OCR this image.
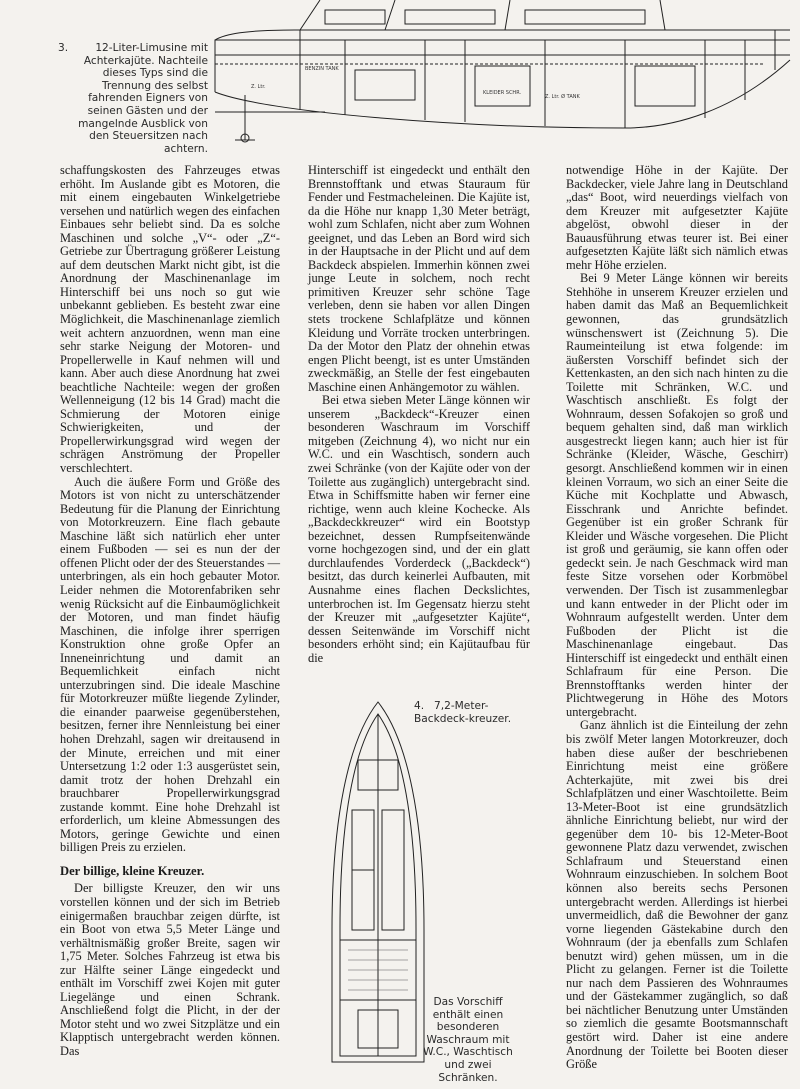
Z. Ltr.
BENZIN TANK
KLEIDER SCHR.
Z. Ltr. Ø TANK
3.	12-Liter-Limusine mit Achterkajüte. Nachteile dieses Typs sind die Trennung des selbst fahrenden Eigners von seinen Gästen und der mangelnde Ausblick von den Steuersitzen nach achtern.

schaffungskosten des Fahrzeuges etwas erhöht. Im Auslande gibt es Motoren, die mit einem eingebauten Winkelgetriebe versehen und natürlich wegen des einfachen Einbaues sehr beliebt sind. Da es solche Maschinen und solche „V“- oder „Z“-Getriebe zur Übertragung größerer Leistung auf dem deutschen Markt nicht gibt, ist die Anordnung der Maschinenanlage im Hinterschiff bei uns noch so gut wie unbekannt geblieben. Es besteht zwar eine Möglichkeit, die Maschinenanlage ziemlich weit achtern anzuordnen, wenn man eine sehr starke Neigung der Motoren- und Propellerwelle in Kauf nehmen will und kann. Aber auch diese Anordnung hat zwei beachtliche Nachteile: wegen der großen Wellenneigung (12 bis 14 Grad) macht die Schmierung der Motoren einige Schwierigkeiten, und der Propellerwirkungsgrad wird wegen der schrägen Anströmung der Propeller verschlechtert.

Auch die äußere Form und Größe des Motors ist von nicht zu unterschätzender Bedeutung für die Planung der Einrichtung von Motorkreuzern. Eine flach gebaute Maschine läßt sich natürlich eher unter einem Fußboden — sei es nun der der offenen Plicht oder der des Steuerstandes — unterbringen, als ein hoch gebauter Motor. Leider nehmen die Motorenfabriken sehr wenig Rücksicht auf die Einbaumöglichkeit der Motoren, und man findet häufig Maschinen, die infolge ihrer sperrigen Konstruktion ohne große Opfer an Inneneinrichtung und damit an Bequemlichkeit einfach nicht unterzubringen sind. Die ideale Maschine für Motorkreuzer müßte liegende Zylinder, die einander paarweise gegenüberstehen, besitzen, ferner ihre Nennleistung bei einer hohen Drehzahl, sagen wir dreitausend in der Minute, erreichen und mit einer Untersetzung 1:2 oder 1:3 ausgerüstet sein, damit trotz der hohen Drehzahl ein brauchbarer Propellerwirkungsgrad zustande kommt. Eine hohe Drehzahl ist erforderlich, um kleine Abmessungen des Motors, geringe Gewichte und einen billigen Preis zu erzielen.

Der billige, kleine Kreuzer.

Der billigste Kreuzer, den wir uns vorstellen können und der sich im Betrieb einigermaßen brauchbar zeigen dürfte, ist ein Boot von etwa 5,5 Meter Länge und verhältnismäßig großer Breite, sagen wir 1,75 Meter. Solches Fahrzeug ist etwa bis zur Hälfte seiner Länge eingedeckt und enthält im Vorschiff zwei Kojen mit guter Liegelänge und einen Schrank. Anschließend folgt die Plicht, in der der Motor steht und wo zwei Sitzplätze und ein Klapptisch untergebracht werden können. Das

Hinterschiff ist eingedeckt und enthält den Brennstofftank und etwas Stauraum für Fender und Festmacheleinen. Die Kajüte ist, da die Höhe nur knapp 1,30 Meter beträgt, wohl zum Schlafen, nicht aber zum Wohnen geeignet, und das Leben an Bord wird sich in der Hauptsache in der Plicht und auf dem Backdeck abspielen. Immerhin können zwei junge Leute in solchem, noch recht primitiven Kreuzer sehr schöne Tage verleben, denn sie haben vor allen Dingen stets trockene Schlafplätze und können Kleidung und Vorräte trocken unterbringen. Da der Motor den Platz der ohnehin etwas engen Plicht beengt, ist es unter Umständen zweckmäßig, an Stelle der fest eingebauten Maschine einen Anhängemotor zu wählen.

Bei etwa sieben Meter Länge können wir unserem „Backdeck“-Kreuzer einen besonderen Waschraum im Vorschiff mitgeben (Zeichnung 4), wo nicht nur ein W.C. und ein Waschtisch, sondern auch zwei Schränke (von der Kajüte oder von der Toilette aus zugänglich) untergebracht sind. Etwa in Schiffsmitte haben wir ferner eine richtige, wenn auch kleine Kochecke. Als „Backdeckkreuzer“ wird ein Bootstyp bezeichnet, dessen Rumpfseitenwände vorne hochgezogen sind, und der ein glatt durchlaufendes Vorderdeck („Backdeck“) besitzt, das durch keinerlei Aufbauten, mit Ausnahme eines flachen Deckslichtes, unterbrochen ist. Im Gegensatz hierzu steht der Kreuzer mit „aufgesetzter Kajüte“, dessen Seitenwände im Vorschiff nicht besonders erhöht sind; ein Kajütaufbau für die

4. 7,2-Meter-Backdeck-kreuzer.
Das Vorschiff enthält einen besonderen Waschraum mit W.C., Waschtisch und zwei Schränken.

notwendige Höhe in der Kajüte. Der Backdecker, viele Jahre lang in Deutschland „das“ Boot, wird neuerdings vielfach von dem Kreuzer mit aufgesetzter Kajüte abgelöst, obwohl dieser in der Bauausführung etwas teurer ist. Bei einer aufgesetzten Kajüte läßt sich nämlich etwas mehr Höhe erzielen.

Bei 9 Meter Länge können wir bereits Stehhöhe in unserem Kreuzer erzielen und haben damit das Maß an Bequemlichkeit gewonnen, das grundsätzlich wünschenswert ist (Zeichnung 5). Die Raumeinteilung ist etwa folgende: im äußersten Vorschiff befindet sich der Kettenkasten, an den sich nach hinten zu die Toilette mit Schränken, W.C. und Waschtisch anschließt. Es folgt der Wohnraum, dessen Sofakojen so groß und bequem gehalten sind, daß man wirklich ausgestreckt liegen kann; auch hier ist für Schränke (Kleider, Wäsche, Geschirr) gesorgt. Anschließend kommen wir in einen kleinen Vorraum, wo sich an einer Seite die Küche mit Kochplatte und Abwasch, Eisschrank und Anrichte befindet. Gegenüber ist ein großer Schrank für Kleider und Wäsche vorgesehen. Die Plicht ist groß und geräumig, sie kann offen oder gedeckt sein. Je nach Geschmack wird man feste Sitze vorsehen oder Korbmöbel verwenden. Der Tisch ist zusammenlegbar und kann entweder in der Plicht oder im Wohnraum aufgestellt werden. Unter dem Fußboden der Plicht ist die Maschinenanlage eingebaut. Das Hinterschiff ist eingedeckt und enthält einen Schlafraum für eine Person. Die Brennstofftanks werden hinter der Plichtwegerung in Höhe des Motors untergebracht.

Ganz ähnlich ist die Einteilung der zehn bis zwölf Meter langen Motorkreuzer, doch haben diese außer der beschriebenen Einrichtung meist eine größere Achterkajüte, mit zwei bis drei Schlafplätzen und einer Waschtoilette. Beim 13-Meter-Boot ist eine grundsätzlich ähnliche Einrichtung beliebt, nur wird der gegenüber dem 10- bis 12-Meter-Boot gewonnene Platz dazu verwendet, zwischen Schlafraum und Steuerstand einen Wohnraum einzuschieben. In solchem Boot können also bereits sechs Personen untergebracht werden. Allerdings ist hierbei unvermeidlich, daß die Bewohner der ganz vorne liegenden Gästekabine durch den Wohnraum (der ja ebenfalls zum Schlafen benutzt wird) gehen müssen, um in die Plicht zu gelangen. Ferner ist die Toilette nur nach dem Passieren des Wohnraumes und der Gästekammer zugänglich, so daß bei nächtlicher Benutzung unter Umständen so ziemlich die gesamte Bootsmannschaft gestört wird. Daher ist eine andere Anordnung der Toilette bei Booten dieser Größe
